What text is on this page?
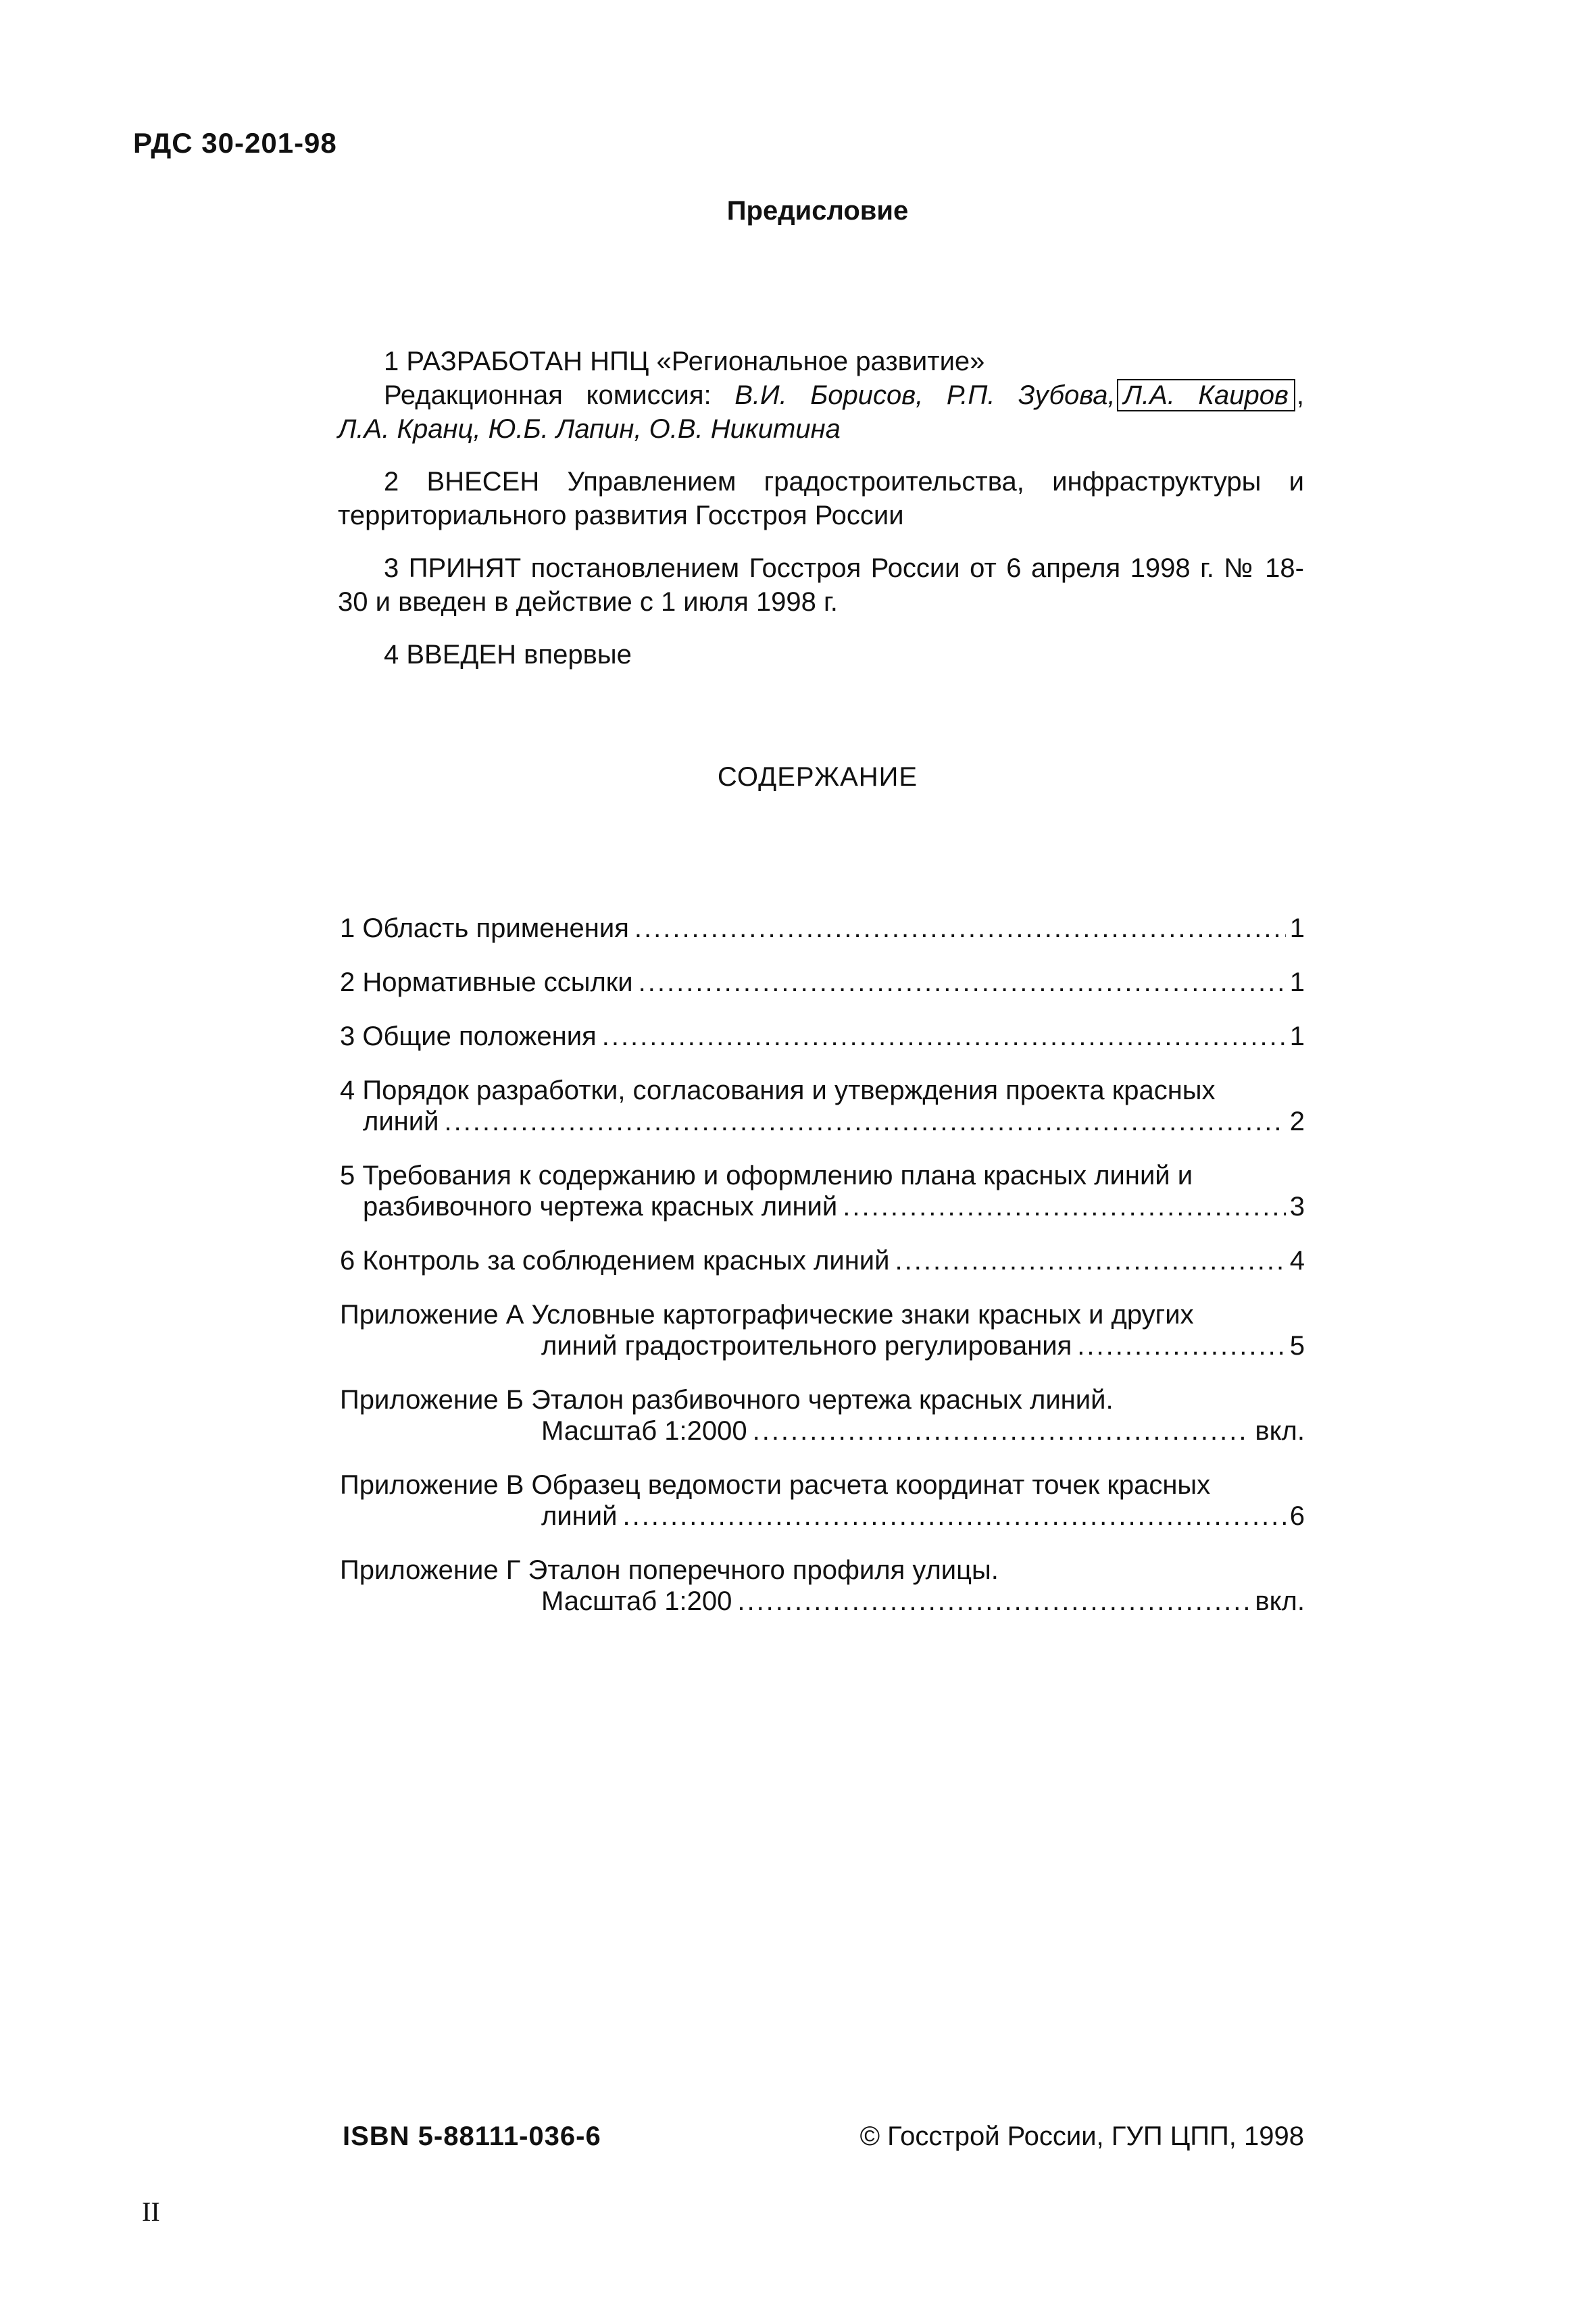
РДС 30-201-98
Предисловие

1 РАЗРАБОТАН НПЦ «Региональное развитие»

Редакционная комиссия: В.И. Борисов, Р.П. Зубова, Л.А. Каиров ,

Л.А. Кранц, Ю.Б. Лапин, О.В. Никитина

2 ВНЕСЕН Управлением градостроительства, инфраструктуры и территориального развития Госстроя России

3 ПРИНЯТ постановлением Госстроя России от 6 апреля 1998 г. № 18-30 и введен в действие с 1 июля 1998 г.

4 ВВЕДЕН впервые

СОДЕРЖАНИЕ
1 Область применения .....	1
2 Нормативные ссылки .....	1
3 Общие положения .....	1
4 Порядок разработки, согласования и утверждения проекта красных
линий .....	2
5 Требования к содержанию и оформлению плана красных линий и
разбивочного чертежа красных линий .....	3
6 Контроль за соблюдением красных линий .....	4
Приложение А Условные картографические знаки красных и других
линий градостроительного регулирования .....	5
Приложение Б Эталон разбивочного чертежа красных линий.
Масштаб 1:2000 .....	вкл.
Приложение В Образец ведомости расчета координат точек красных
линий .....	6
Приложение Г Эталон поперечного профиля улицы.
Масштаб 1:200 .....	вкл.
ISBN 5-88111-036-6	© Госстрой России, ГУП ЦПП, 1998
II
